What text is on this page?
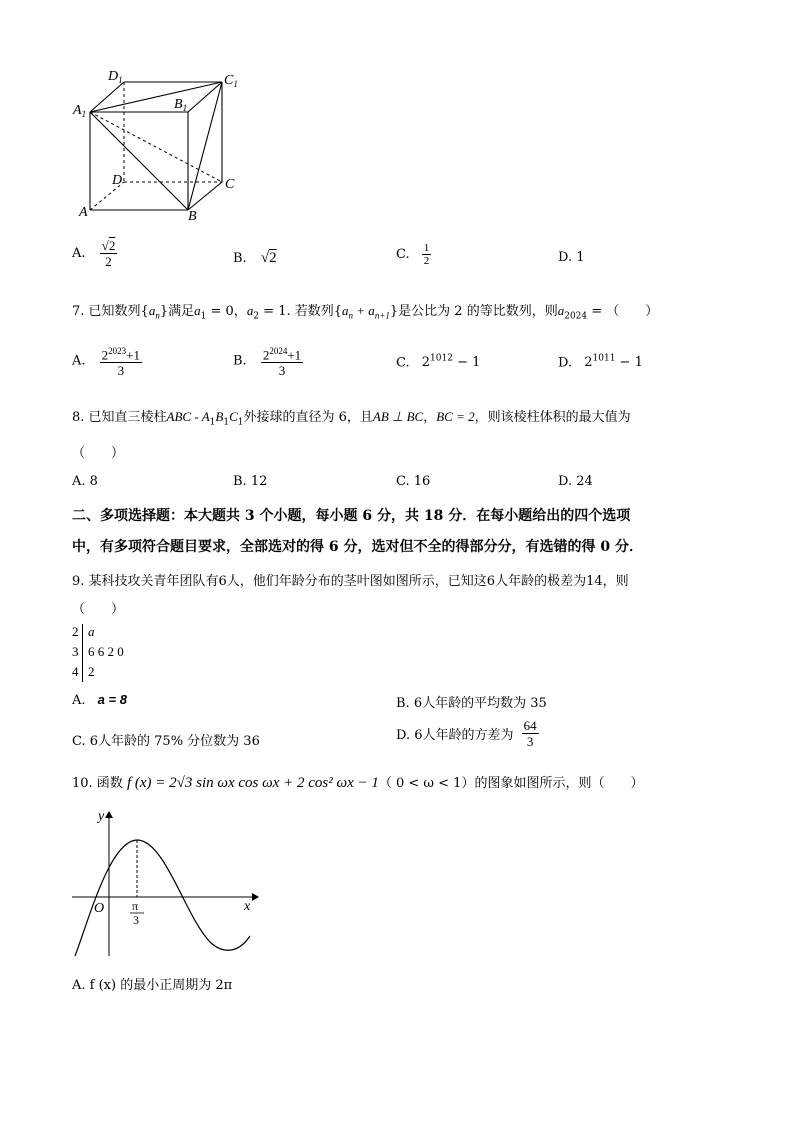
$D_1$	$C_1$
$B_1$
$A_1$
D	C
A	B
A. $\frac{√2}{2}$	B. √2	C. $\frac{1}{2}$	D. 1
7. 已知数列$\{a_n\}$满足$a_1 = 0$，$a_2 = 1$. 若数列$\{a_n + a_{n+1}\}$是公比为 2 的等比数列，则$a_{2024}$ = （　　）
A. $\frac{2^{2023}+1}{3}$	B. $\frac{2^{2024}+1}{3}$	C. $2^{1012} - 1$	D. $2^{1011} - 1$
8. 已知直三棱柱ABC - $A_1B_1C_1$外接球的直径为 6，且AB ⊥ BC，BC = 2，则该棱柱体积的最大值为
（　　）
A. 8	B. 12	C. 16	D. 24
二、多项选择题：本大题共 3 个小题，每小题 6 分，共 18 分．在每小题给出的四个选项
中，有多项符合题目要求，全部选对的得 6 分，选对但不全的得部分分，有选错的得 0 分．
9. 某科技攻关青年团队有6人，他们年龄分布的茎叶图如图所示，已知这6人年龄的极差为14，则
（　　）
2 a
3 6 6 2 0
4 2
A. a = 8	B. 6人年龄的平均数为 35
C. 6人年龄的 75% 分位数为 36	D. 6人年龄的方差为 $\frac{64}{3}$
10. 函数 f (x) = 2√3 sin ωx cos ωx + 2 cos² ωx − 1（ 0 < ω < 1）的图象如图所示，则（　　）
y
x
O π
3
A. f (x) 的最小正周期为 2π
